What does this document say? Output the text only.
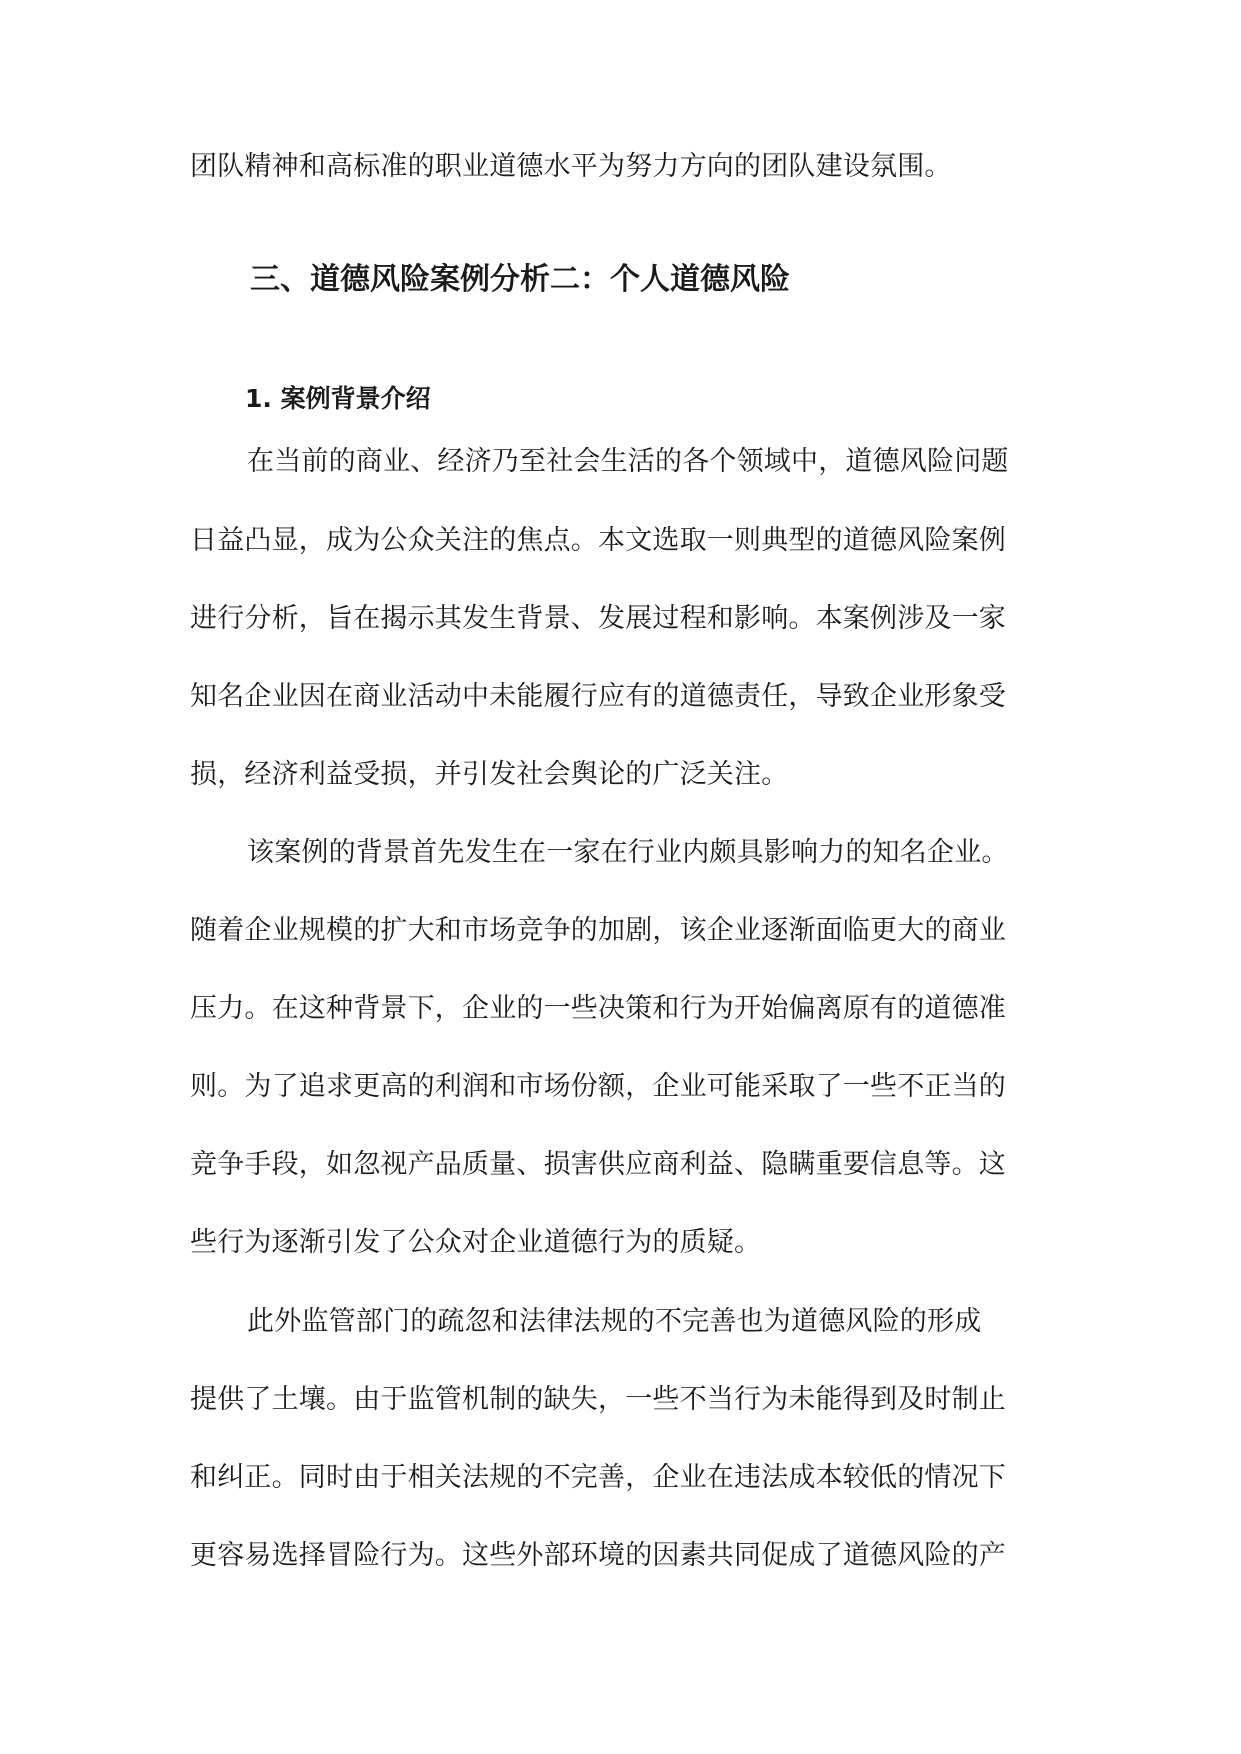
团队精神和高标准的职业道德水平为努力方向的团队建设氛围。
三、道德风险案例分析二：个人道德风险
1. 案例背景介绍
在当前的商业、经济乃至社会生活的各个领域中，道德风险问题
日益凸显，成为公众关注的焦点。本文选取一则典型的道德风险案例
进行分析，旨在揭示其发生背景、发展过程和影响。本案例涉及一家
知名企业因在商业活动中未能履行应有的道德责任，导致企业形象受
损，经济利益受损，并引发社会舆论的广泛关注。
该案例的背景首先发生在一家在行业内颇具影响力的知名企业。
随着企业规模的扩大和市场竞争的加剧，该企业逐渐面临更大的商业
压力。在这种背景下，企业的一些决策和行为开始偏离原有的道德准
则。为了追求更高的利润和市场份额，企业可能采取了一些不正当的
竞争手段，如忽视产品质量、损害供应商利益、隐瞒重要信息等。这
些行为逐渐引发了公众对企业道德行为的质疑。
此外监管部门的疏忽和法律法规的不完善也为道德风险的形成
提供了土壤。由于监管机制的缺失，一些不当行为未能得到及时制止
和纠正。同时由于相关法规的不完善，企业在违法成本较低的情况下
更容易选择冒险行为。这些外部环境的因素共同促成了道德风险的产
